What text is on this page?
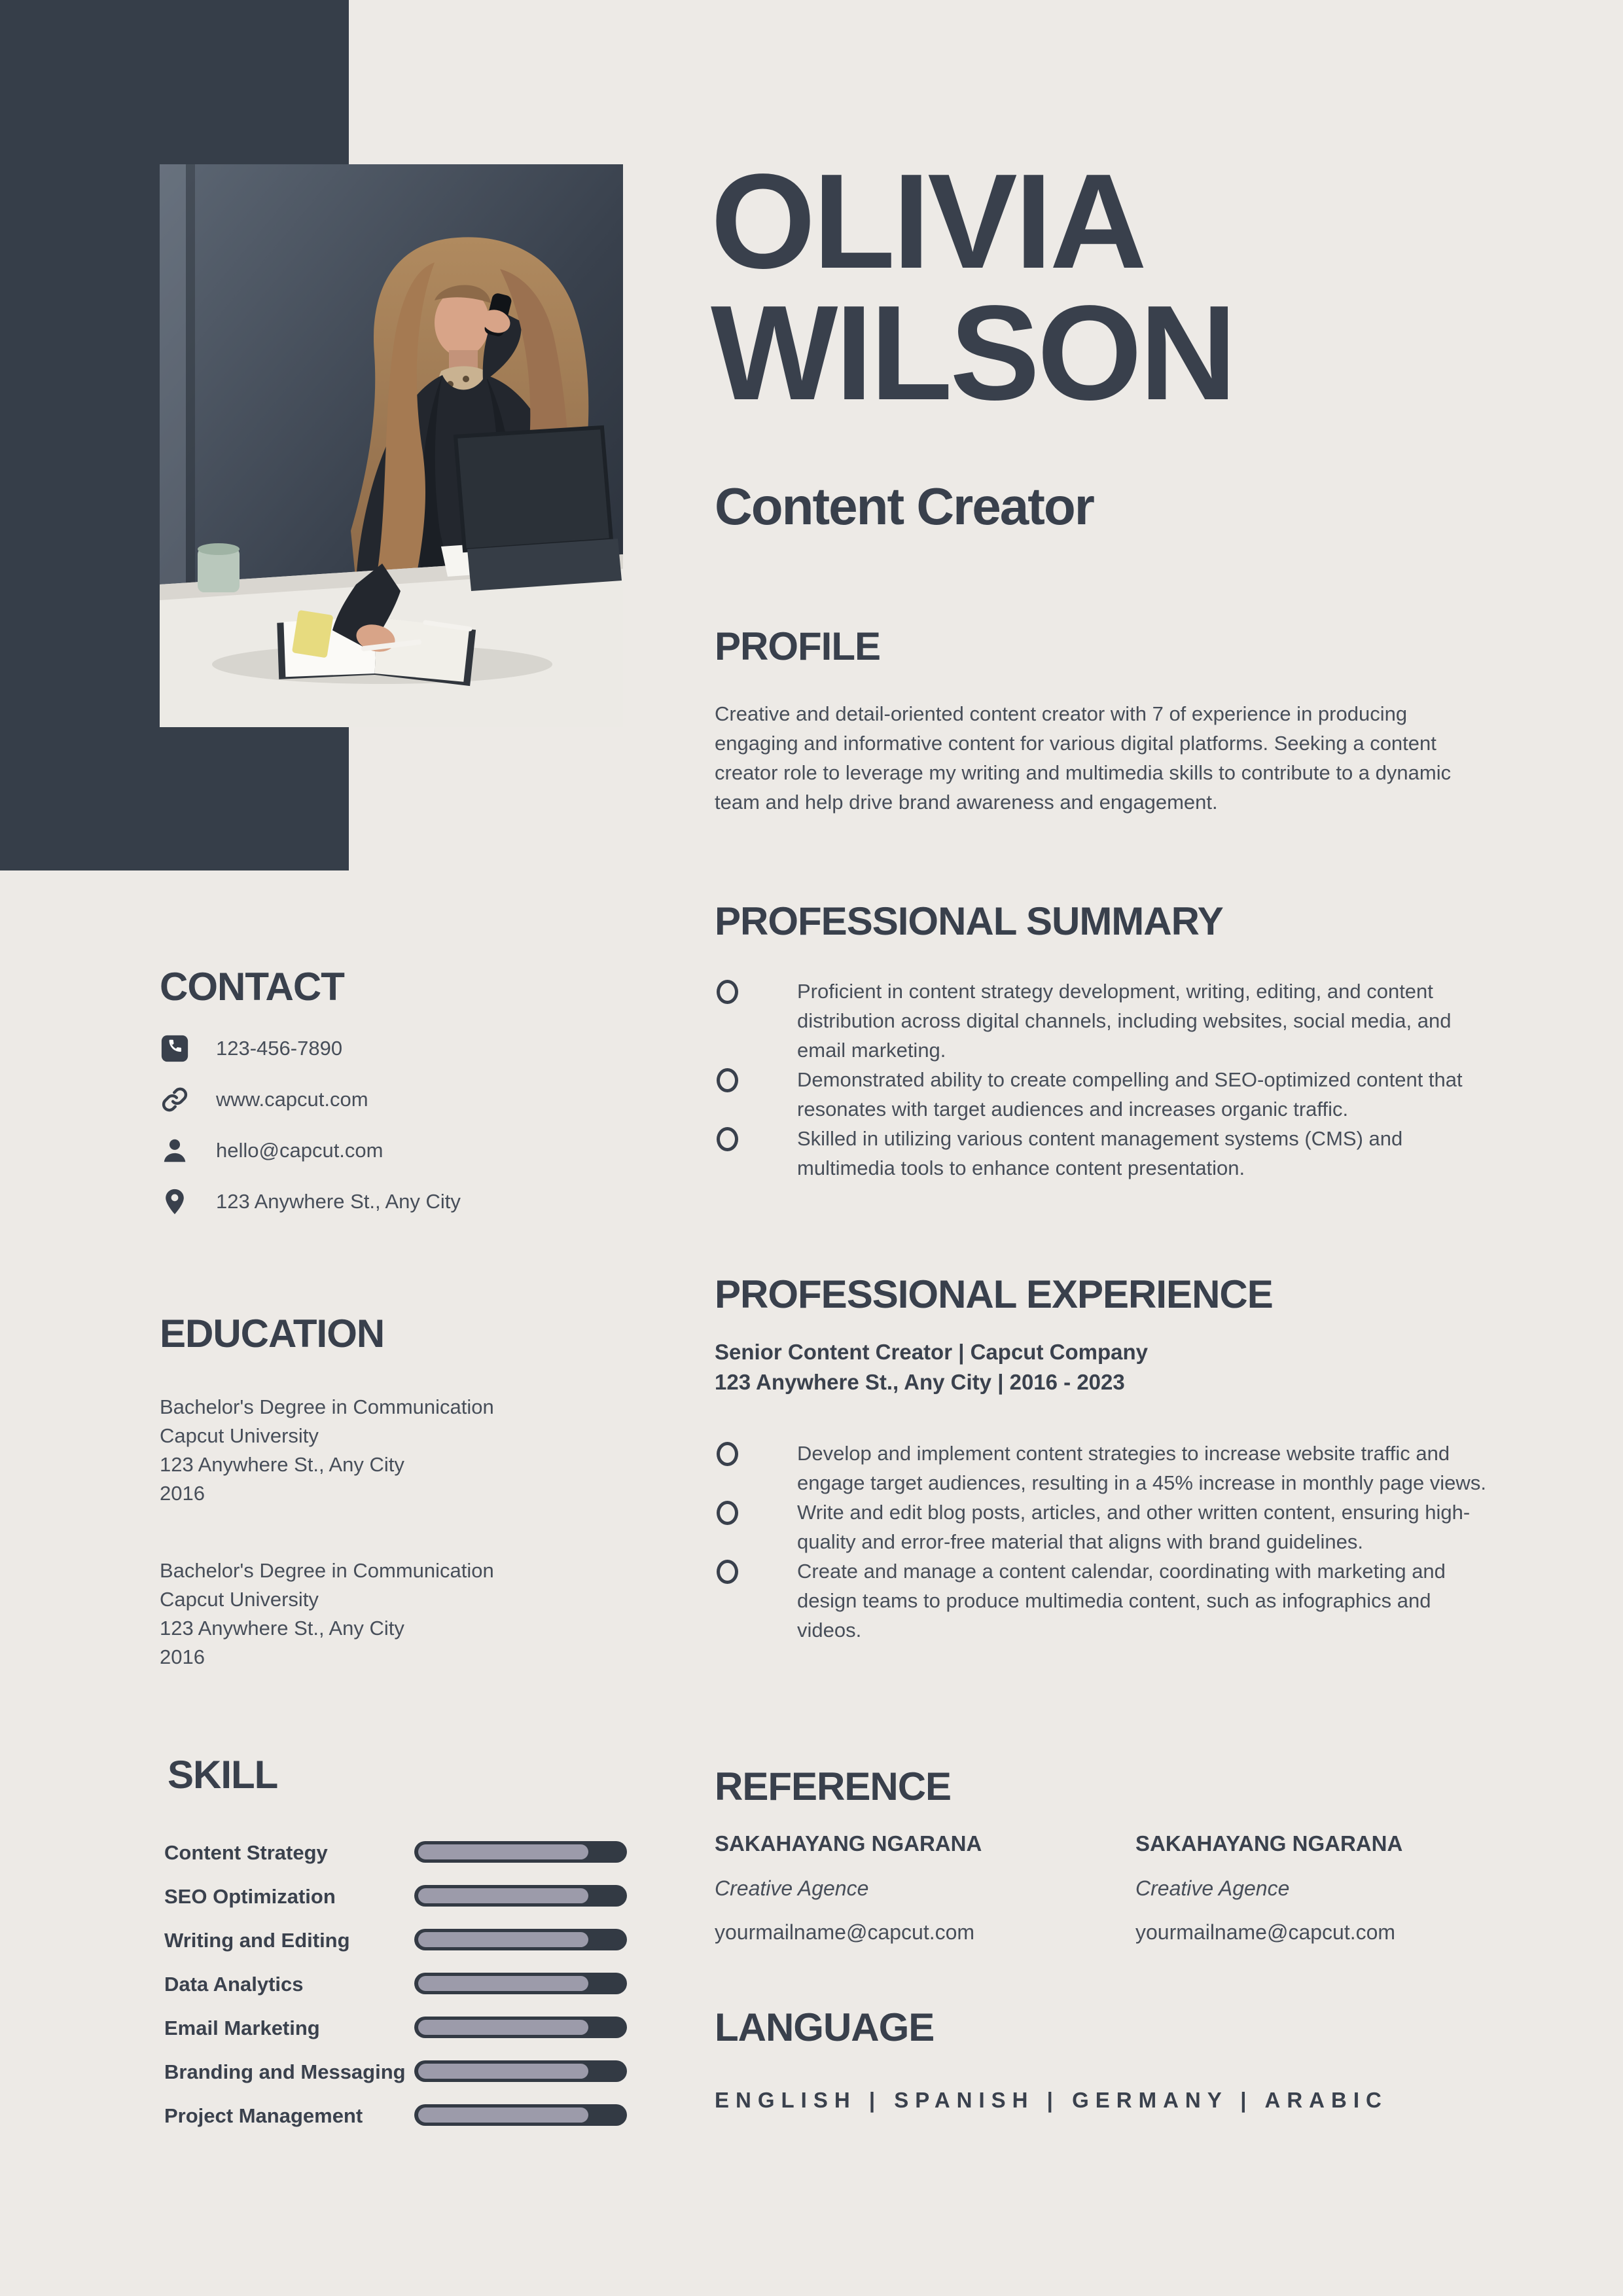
OLIVIA
WILSON
Content Creator
PROFILE

Creative and detail-oriented content creator with 7 of experience in producing engaging and informative content for various digital platforms. Seeking a content creator role to leverage my writing and multimedia skills to contribute to a dynamic team and help drive brand awareness and engagement.

PROFESSIONAL SUMMARY
Proficient in content strategy development, writing, editing, and content distribution across digital channels, including websites, social media, and email marketing.
Demonstrated ability to create compelling and SEO-optimized content that resonates with target audiences and increases organic traffic.
Skilled in utilizing various content management systems (CMS) and multimedia tools to enhance content presentation.
PROFESSIONAL EXPERIENCE
Senior Content Creator | Capcut Company
123 Anywhere St., Any City | 2016 - 2023
Develop and implement content strategies to increase website traffic and engage target audiences, resulting in a 45% increase in monthly page views.
Write and edit blog posts, articles, and other written content, ensuring high-quality and error-free material that aligns with brand guidelines.
Create and manage a content calendar, coordinating with marketing and design teams to produce multimedia content, such as infographics and videos.
REFERENCE
SAKAHAYANG NGARANA
Creative Agence
yourmailname@capcut.com
SAKAHAYANG NGARANA
Creative Agence
yourmailname@capcut.com
LANGUAGE
ENGLISH | SPANISH | GERMANY | ARABIC
CONTACT
123-456-7890
www.capcut.com
hello@capcut.com
123 Anywhere St., Any City
EDUCATION
Bachelor's Degree in Communication
Capcut University
123 Anywhere St., Any City
2016
Bachelor's Degree in Communication
Capcut University
123 Anywhere St., Any City
2016
SKILL
Content Strategy
SEO Optimization
Writing and Editing
Data Analytics
Email Marketing
Branding and Messaging
Project Management
